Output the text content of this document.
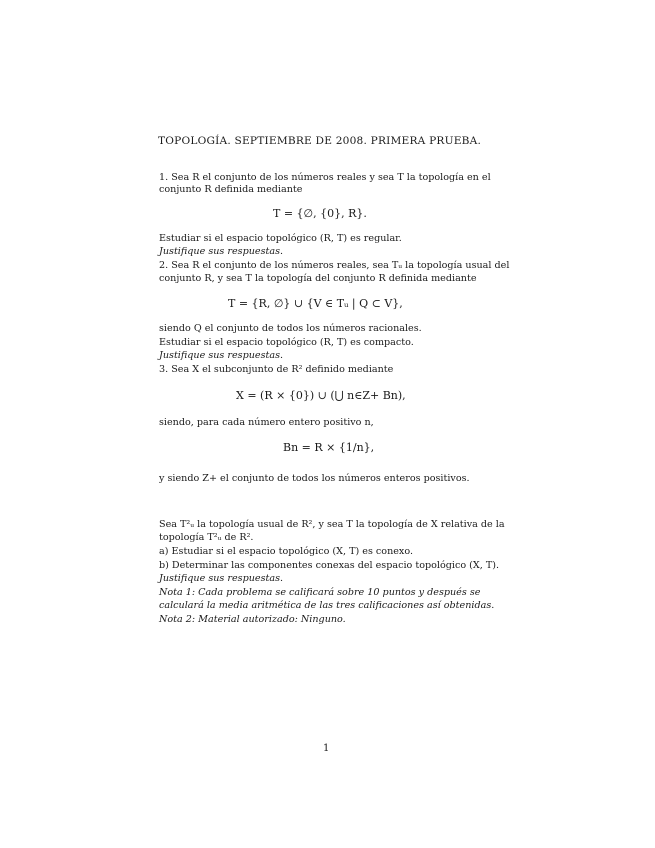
TOPOLOGÍA. SEPTIEMBRE DE 2008. PRIMERA PRUEBA.
1. Sea R el conjunto de los números reales y sea T la topología en el
conjunto R definida mediante
T = {∅, {0}, R}.
Estudiar si el espacio topológico (R, T) es regular.
Justifique sus respuestas.
2. Sea R el conjunto de los números reales, sea Tᵤ la topología usual del
conjunto R, y sea T la topología del conjunto R definida mediante
T = {R, ∅} ∪ {V ∈ Tᵤ | Q ⊂ V},
siendo Q el conjunto de todos los números racionales.
Estudiar si el espacio topológico (R, T) es compacto.
Justifique sus respuestas.
3. Sea X el subconjunto de R² definido mediante
X = (R × {0}) ∪ (⋃ n∈Z+ Bn),
siendo, para cada número entero positivo n,
Bn = R × {1/n},
y siendo Z+ el conjunto de todos los números enteros positivos.
Sea T²ᵤ la topología usual de R², y sea T la topología de X relativa de la
topología T²ᵤ de R².
a) Estudiar si el espacio topológico (X, T) es conexo.
b) Determinar las componentes conexas del espacio topológico (X, T).
Justifique sus respuestas.
Nota 1: Cada problema se calificará sobre 10 puntos y después se
calculará la media aritmética de las tres calificaciones así obtenidas.
Nota 2: Material autorizado: Ninguno.
1
